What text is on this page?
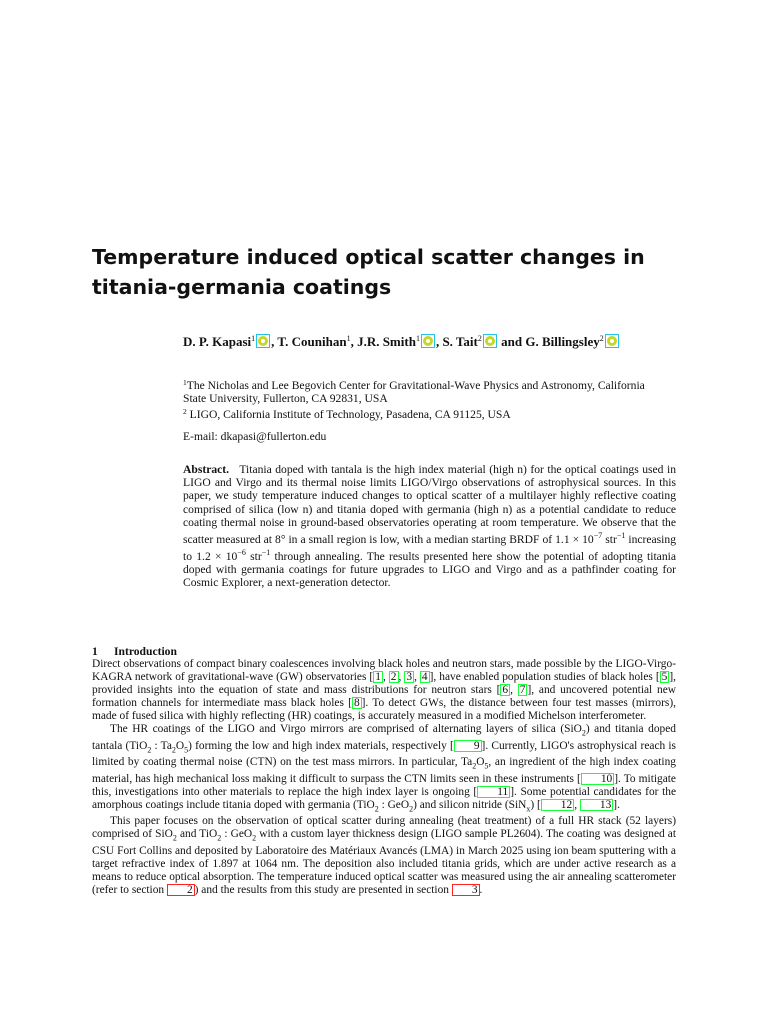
Temperature induced optical scatter changes in titania-germania coatings
D. P. Kapasi$^1$ , T. Counihan$^1$, J.R. Smith$^1$ , S. Tait$^2$ and G. Billingsley$^2$
$^1$The Nicholas and Lee Begovich Center for Gravitational-Wave Physics and Astronomy, California State University, Fullerton, CA 92831, USA
$^2$ LIGO, California Institute of Technology, Pasadena, CA 91125, USA
E-mail: dkapasi@fullerton.edu

Abstract. Titania doped with tantala is the high index material (high n) for the optical coatings used in LIGO and Virgo and its thermal noise limits LIGO/Virgo observations of astrophysical sources. In this paper, we study temperature induced changes to optical scatter of a multilayer highly reflective coating comprised of silica (low n) and titania doped with germania (high n) as a potential candidate to reduce coating thermal noise in ground-based observatories operating at room temperature. We observe that the scatter measured at 8° in a small region is low, with a median starting BRDF of $1.1 \times 10^{-7}$ str$^{-1}$ increasing to $1.2 \times 10^{-6}$ str$^{-1}$ through annealing. The results presented here show the potential of adopting titania doped with germania coatings for future upgrades to LIGO and Virgo and as a pathfinder coating for Cosmic Explorer, a next-generation detector.

1 Introduction

Direct observations of compact binary coalescences involving black holes and neutron stars, made possible by the LIGO-Virgo-KAGRA network of gravitational-wave (GW) observatories [ 1 , 2 , 3 , 4 ], have enabled population studies of black holes [ 5 ], provided insights into the equation of state and mass distributions for neutron stars [ 6 , 7 ], and uncovered potential new formation channels for intermediate mass black holes [ 8 ]. To detect GWs, the distance between four test masses (mirrors), made of fused silica with highly reflecting (HR) coatings, is accurately measured in a modified Michelson interferometer.

The HR coatings of the LIGO and Virgo mirrors are comprised of alternating layers of silica (SiO$_2$) and titania doped tantala (TiO$_2$ : $Ta_2O_5$) forming the low and high index materials, respectively [ 9 ]. Currently, LIGO's astrophysical reach is limited by coating thermal noise (CTN) on the test mass mirrors. In particular, $Ta_2O_5$, an ingredient of the high index coating material, has high mechanical loss making it difficult to surpass the CTN limits seen in these instruments [ 10 ]. To mitigate this, investigations into other materials to replace the high index layer is ongoing [ 11 ]. Some potential candidates for the amorphous coatings include titania doped with germania (TiO$_2$ : GeO$_2$) and silicon nitride (SiN$_x$) [ 12 , 13 ].

This paper focuses on the observation of optical scatter during annealing (heat treatment) of a full HR stack (52 layers) comprised of SiO$_2$ and TiO$_2$ : GeO$_2$ with a custom layer thickness design (LIGO sample PL2604). The coating was designed at CSU Fort Collins and deposited by Laboratoire des Matériaux Avancés (LMA) in March 2025 using ion beam sputtering with a target refractive index of 1.897 at 1064 nm. The deposition also included titania grids, which are under active research as a means to reduce optical absorption. The temperature induced optical scatter was measured using the air annealing scatterometer (refer to section 2 ) and the results from this study are presented in section 3 .
